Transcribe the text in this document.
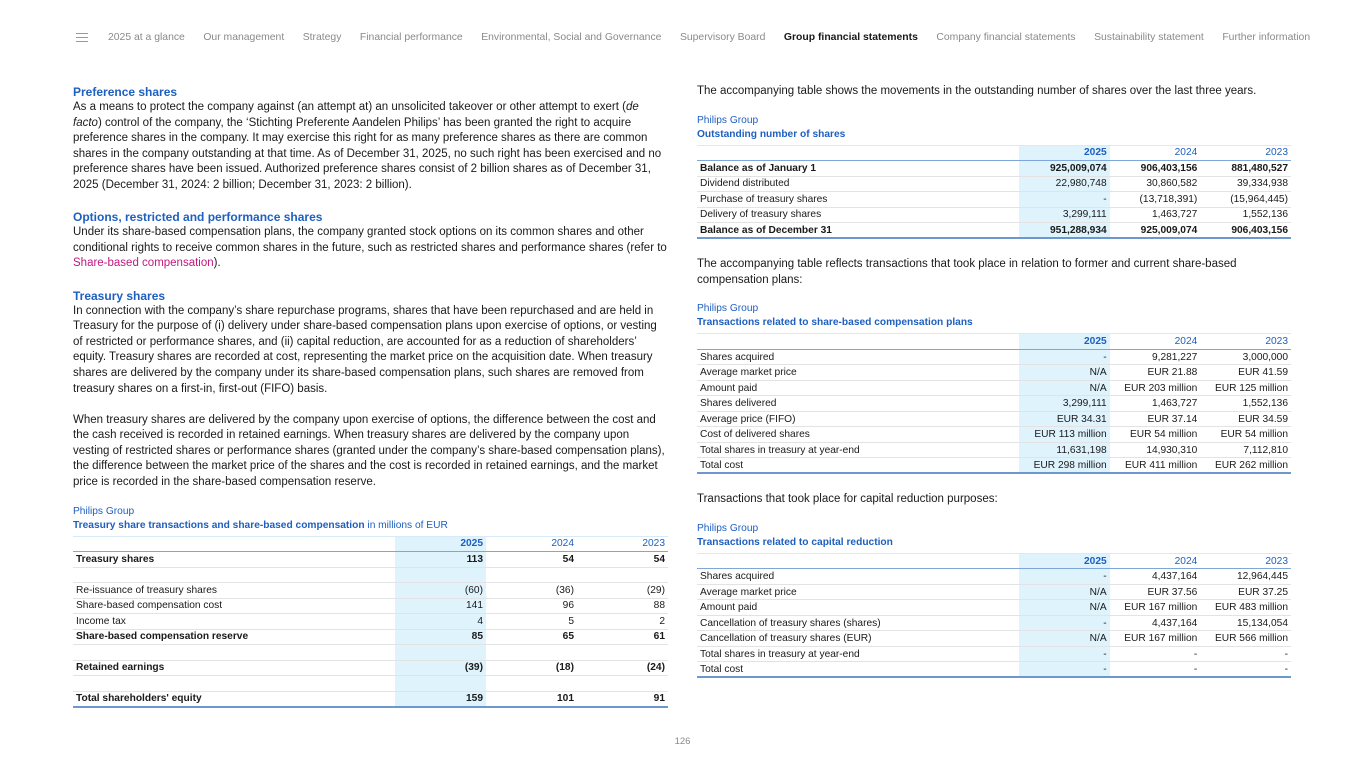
2025 at a glance Our management Strategy Financial performance Environmental, Social and Governance Supervisory Board Group financial statements Company financial statements Sustainability statement Further information
Preference shares

As a means to protect the company against (an attempt at) an unsolicited takeover or other attempt to exert (de facto) control of the company, the ‘Stichting Preferente Aandelen Philips’ has been granted the right to acquire preference shares in the company. It may exercise this right for as many preference shares as there are common shares in the company outstanding at that time. As of December 31, 2025, no such right has been exercised and no preference shares have been issued. Authorized preference shares consist of 2 billion shares as of December 31, 2025 (December 31, 2024: 2 billion; December 31, 2023: 2 billion).

Options, restricted and performance shares

Under its share-based compensation plans, the company granted stock options on its common shares and other conditional rights to receive common shares in the future, such as restricted shares and performance shares (refer to Share-based compensation).

Treasury shares

In connection with the company’s share repurchase programs, shares that have been repurchased and are held in Treasury for the purpose of (i) delivery under share-based compensation plans upon exercise of options, or vesting of restricted or performance shares, and (ii) capital reduction, are accounted for as a reduction of shareholders’ equity. Treasury shares are recorded at cost, representing the market price on the acquisition date. When treasury shares are delivered by the company under its share-based compensation plans, such shares are removed from treasury shares on a first-in, first-out (FIFO) basis.

When treasury shares are delivered by the company upon exercise of options, the difference between the cost and the cash received is recorded in retained earnings. When treasury shares are delivered by the company upon vesting of restricted shares or performance shares (granted under the company’s share-based compensation plans), the difference between the market price of the shares and the cost is recorded in retained earnings, and the market price is recorded in the share-based compensation reserve.

Philips Group
Treasury share transactions and share-based compensation in millions of EUR
	2025	2024	2023
Treasury shares	113	54	54

Re-issuance of treasury shares	(60)	(36)	(29)
Share-based compensation cost	141	96	88
Income tax	4	5	2
Share-based compensation reserve	85	65	61

Retained earnings	(39)	(18)	(24)

Total shareholders' equity	159	101	91

The accompanying table shows the movements in the outstanding number of shares over the last three years.

Philips Group
Outstanding number of shares
	2025	2024	2023
Balance as of January 1	925,009,074	906,403,156	881,480,527
Dividend distributed	22,980,748	30,860,582	39,334,938
Purchase of treasury shares	-	(13,718,391)	(15,964,445)
Delivery of treasury shares	3,299,111	1,463,727	1,552,136
Balance as of December 31	951,288,934	925,009,074	906,403,156

The accompanying table reflects transactions that took place in relation to former and current share-based compensation plans:

Philips Group
Transactions related to share-based compensation plans
	2025	2024	2023
Shares acquired	-	9,281,227	3,000,000
Average market price	N/A	EUR 21.88	EUR 41.59
Amount paid	N/A	EUR 203 million	EUR 125 million
Shares delivered	3,299,111	1,463,727	1,552,136
Average price (FIFO)	EUR 34.31	EUR 37.14	EUR 34.59
Cost of delivered shares	EUR 113 million	EUR 54 million	EUR 54 million
Total shares in treasury at year-end	11,631,198	14,930,310	7,112,810
Total cost	EUR 298 million	EUR 411 million	EUR 262 million

Transactions that took place for capital reduction purposes:

Philips Group
Transactions related to capital reduction
	2025	2024	2023
Shares acquired	-	4,437,164	12,964,445
Average market price	N/A	EUR 37.56	EUR 37.25
Amount paid	N/A	EUR 167 million	EUR 483 million
Cancellation of treasury shares (shares)	-	4,437,164	15,134,054
Cancellation of treasury shares (EUR)	N/A	EUR 167 million	EUR 566 million
Total shares in treasury at year-end	-	-	-
Total cost	-	-	-
126
